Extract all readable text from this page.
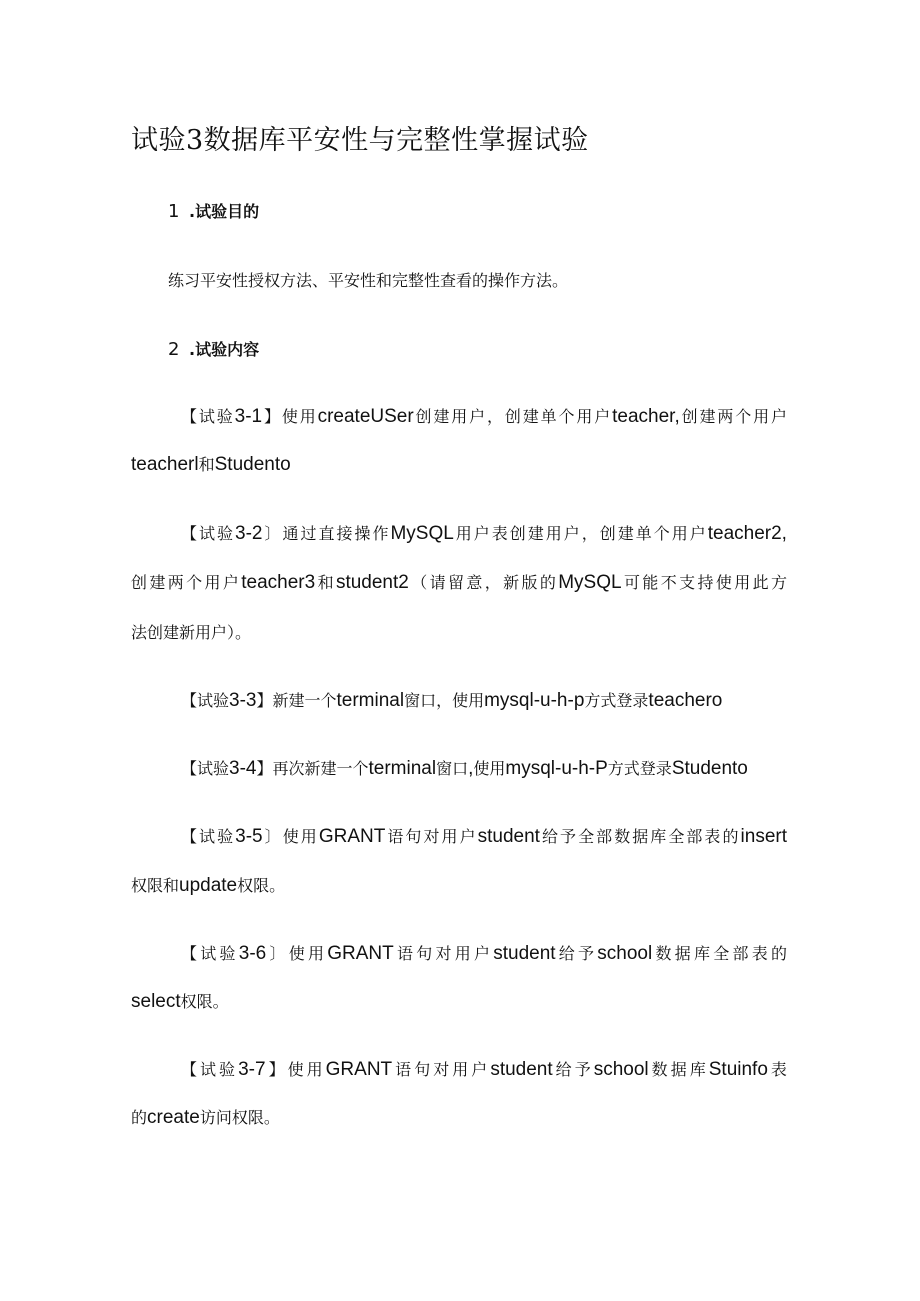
试验3数据库平安性与完整性掌握试验
1 .试验目的

练习平安性授权方法、平安性和完整性查看的操作方法。

2 .试验内容

【试验3-1】使用createUSer创建用户，创建单个用户teacher,创建两个用户

teacherl和Studento

【试验3-2〕通过直接操作MySQL用户表创建用户，创建单个用户teacher2,

创建两个用户teacher3和student2（请留意，新版的MySQL可能不支持使用此方

法创建新用户）。

【试验3-3】新建一个terminal窗口，使用mysql-u-h-p方式登录teachero

【试验3-4】再次新建一个terminal窗口,使用mysql-u-h-P方式登录Studento

【试验3-5〕使用GRANT语句对用户student给予全部数据库全部表的insert

权限和update权限。

【试验3-6〕使用GRANT语句对用户student给予school数据库全部表的

select权限。

【试验3-7】使用GRANT语句对用户student给予school数据库Stuinfo表

的create访问权限。
